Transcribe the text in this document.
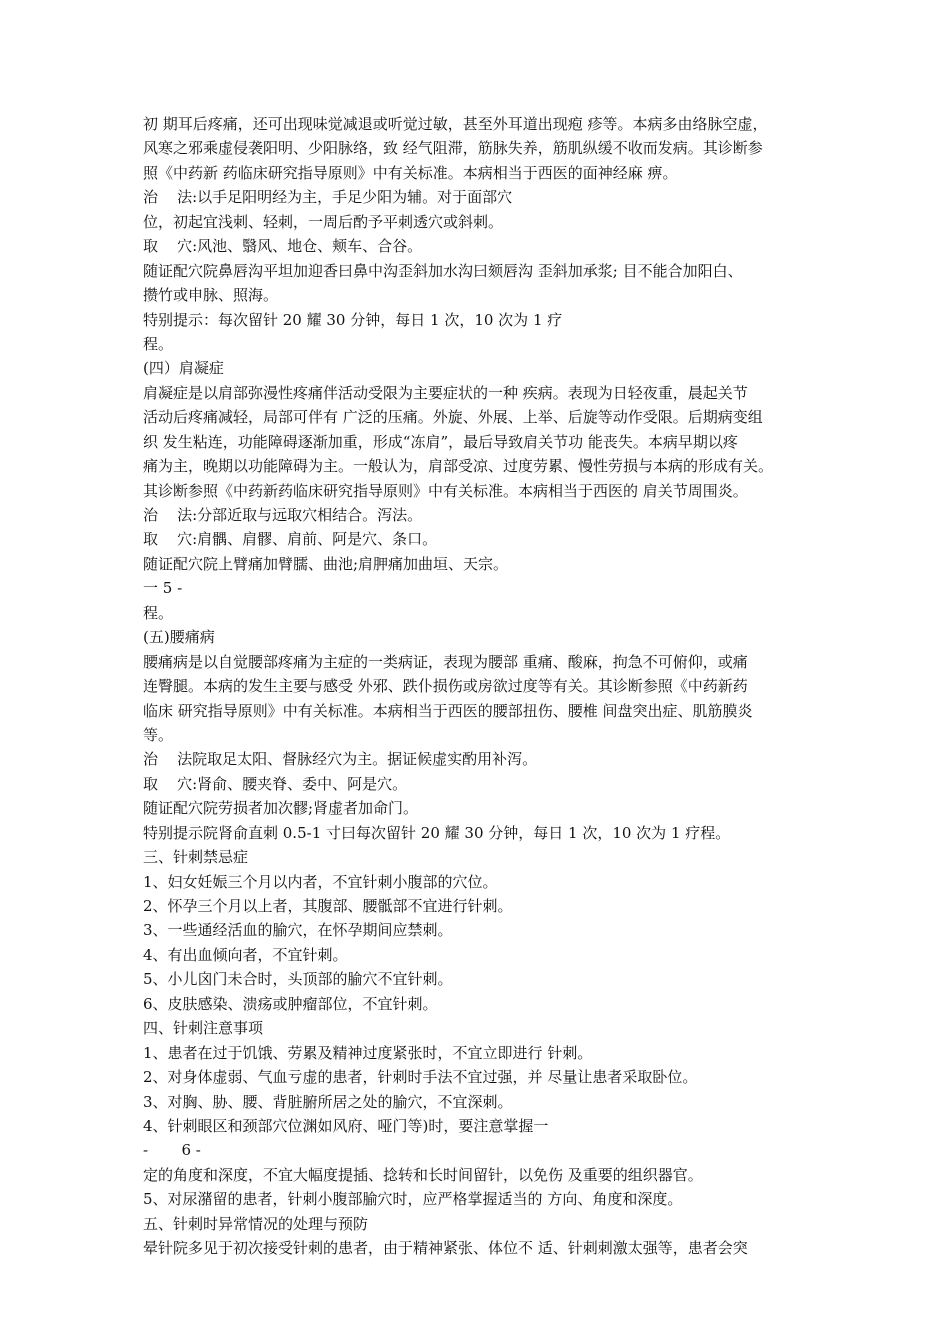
初 期耳后疼痛，还可出现味觉减退或听觉过敏，甚至外耳道出现疱 疹等。本病多由络脉空虚，
风寒之邪乘虚侵袭阳明、少阳脉络，致 经气阻滞，筋脉失养，筋肌纵缓不收而发病。其诊断参
照《中药新 药临床研究指导原则》中有关标准。本病相当于西医的面神经麻 痹。
治    法:以手足阳明经为主，手足少阳为辅。对于面部穴
位，初起宜浅刺、轻刺，一周后酌予平刺透穴或斜刺。
取    穴:风池、翳风、地仓、颊车、合谷。
随证配穴院鼻唇沟平坦加迎香曰鼻中沟歪斜加水沟曰颏唇沟 歪斜加承浆; 目不能合加阳白、
攒竹或申脉、照海。
特别提示：每次留针 20 耀 30 分钟，每日 1 次，10 次为 1 疗
程。
(四）肩凝症
肩凝症是以肩部弥漫性疼痛伴活动受限为主要症状的一种 疾病。表现为日轻夜重，晨起关节
活动后疼痛减轻，局部可伴有 广泛的压痛。外旋、外展、上举、后旋等动作受限。后期病变组
织 发生粘连，功能障碍逐渐加重，形成“冻肩”，最后导致肩关节功 能丧失。本病早期以疼
痛为主，晚期以功能障碍为主。一般认为，肩部受凉、过度劳累、慢性劳损与本病的形成有关。
其诊断参照《中药新药临床研究指导原则》中有关标准。本病相当于西医的 肩关节周围炎。
治    法:分部近取与远取穴相结合。泻法。
取    穴:肩髃、肩髎、肩前、阿是穴、条口。
随证配穴院上臂痛加臂臑、曲池;肩胛痛加曲垣、天宗。
一 5 -
程。
(五)腰痛病
腰痛病是以自觉腰部疼痛为主症的一类病证，表现为腰部 重痛、酸麻，拘急不可俯仰，或痛
连臀腿。本病的发生主要与感受 外邪、跌仆损伤或房欲过度等有关。其诊断参照《中药新药
临床 研究指导原则》中有关标准。本病相当于西医的腰部扭伤、腰椎 间盘突出症、肌筋膜炎
等。
治    法院取足太阳、督脉经穴为主。据证候虚实酌用补泻。
取    穴:肾俞、腰夹脊、委中、阿是穴。
随证配穴院劳损者加次髎;肾虚者加命门。
特别提示院肾俞直刺 0.5-1 寸曰每次留针 20 耀 30 分钟，每日 1 次，10 次为 1 疗程。
三、针刺禁忌症
1、妇女妊娠三个月以内者，不宜针刺小腹部的穴位。
2、怀孕三个月以上者，其腹部、腰骶部不宜进行针刺。
3、一些通经活血的腧穴，在怀孕期间应禁刺。
4、有出血倾向者，不宜针刺。
5、小儿囟门未合时，头顶部的腧穴不宜针刺。
6、皮肤感染、溃疡或肿瘤部位，不宜针刺。
四、针刺注意事项
1、患者在过于饥饿、劳累及精神过度紧张时，不宜立即进行 针刺。
2、对身体虚弱、气血亏虚的患者，针刺时手法不宜过强，并 尽量让患者采取卧位。
3、对胸、胁、腰、背脏腑所居之处的腧穴，不宜深刺。
4、针刺眼区和颈部穴位渊如风府、哑门等)时，要注意掌握一
-       6 -
定的角度和深度，不宜大幅度提插、捻转和长时间留针，以免伤 及重要的组织器官。
5、对尿潴留的患者，针刺小腹部腧穴时，应严格掌握适当的 方向、角度和深度。
五、针刺时异常情况的处理与预防
晕针院多见于初次接受针刺的患者，由于精神紧张、体位不 适、针刺刺激太强等，患者会突
